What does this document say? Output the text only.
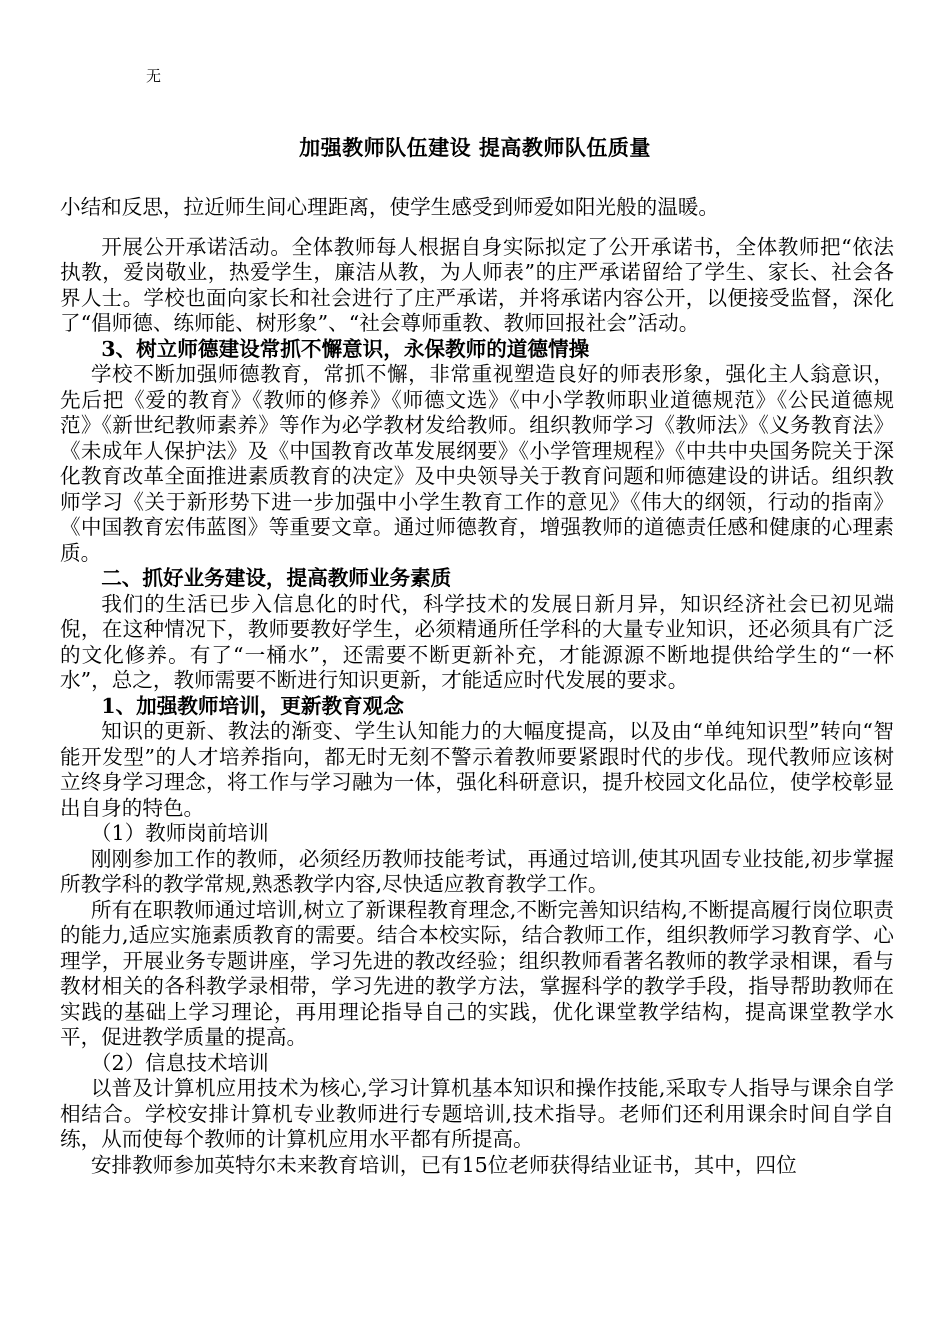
无
加强教师队伍建设 提高教师队伍质量

小结和反思，拉近师生间心理距离，使学生感受到师爱如阳光般的温暖。

开展公开承诺活动。全体教师每人根据自身实际拟定了公开承诺书，全体教师把“依法执教，爱岗敬业，热爱学生，廉洁从教，为人师表”的庄严承诺留给了学生、家长、社会各界人士。学校也面向家长和社会进行了庄严承诺，并将承诺内容公开，以便接受监督，深化了“倡师德、练师能、树形象”、“社会尊师重教、教师回报社会”活动。

3、树立师德建设常抓不懈意识，永保教师的道德情操

学校不断加强师德教育，常抓不懈，非常重视塑造良好的师表形象，强化主人翁意识，先后把《爱的教育》《教师的修养》《师德文选》《中小学教师职业道德规范》《公民道德规范》《新世纪教师素养》等作为必学教材发给教师。组织教师学习《教师法》《义务教育法》《未成年人保护法》及《中国教育改革发展纲要》《小学管理规程》《中共中央国务院关于深化教育改革全面推进素质教育的决定》及中央领导关于教育问题和师德建设的讲话。组织教师学习《关于新形势下进一步加强中小学生教育工作的意见》《伟大的纲领，行动的指南》《中国教育宏伟蓝图》等重要文章。通过师德教育，增强教师的道德责任感和健康的心理素质。

二、抓好业务建设，提高教师业务素质

我们的生活已步入信息化的时代，科学技术的发展日新月异，知识经济社会已初见端倪，在这种情况下，教师要教好学生，必须精通所任学科的大量专业知识，还必须具有广泛的文化修养。有了“一桶水”，还需要不断更新补充，才能源源不断地提供给学生的“一杯水”，总之，教师需要不断进行知识更新，才能适应时代发展的要求。

1、加强教师培训，更新教育观念

知识的更新、教法的渐变、学生认知能力的大幅度提高，以及由“单纯知识型”转向“智能开发型”的人才培养指向，都无时无刻不警示着教师要紧跟时代的步伐。现代教师应该树立终身学习理念，将工作与学习融为一体，强化科研意识，提升校园文化品位，使学校彰显出自身的特色。

（1）教师岗前培训

刚刚参加工作的教师，必须经历教师技能考试，再通过培训,使其巩固专业技能,初步掌握所教学科的教学常规,熟悉教学内容,尽快适应教育教学工作。

所有在职教师通过培训,树立了新课程教育理念,不断完善知识结构,不断提高履行岗位职责的能力,适应实施素质教育的需要。结合本校实际，结合教师工作，组织教师学习教育学、心理学，开展业务专题讲座，学习先进的教改经验；组织教师看著名教师的教学录相课，看与教材相关的各科教学录相带，学习先进的教学方法，掌握科学的教学手段，指导帮助教师在实践的基础上学习理论，再用理论指导自己的实践，优化课堂教学结构，提高课堂教学水平，促进教学质量的提高。

（2）信息技术培训

以普及计算机应用技术为核心,学习计算机基本知识和操作技能,采取专人指导与课余自学相结合。学校安排计算机专业教师进行专题培训,技术指导。老师们还利用课余时间自学自练，从而使每个教师的计算机应用水平都有所提高。

安排教师参加英特尔未来教育培训，已有15位老师获得结业证书，其中，四位
